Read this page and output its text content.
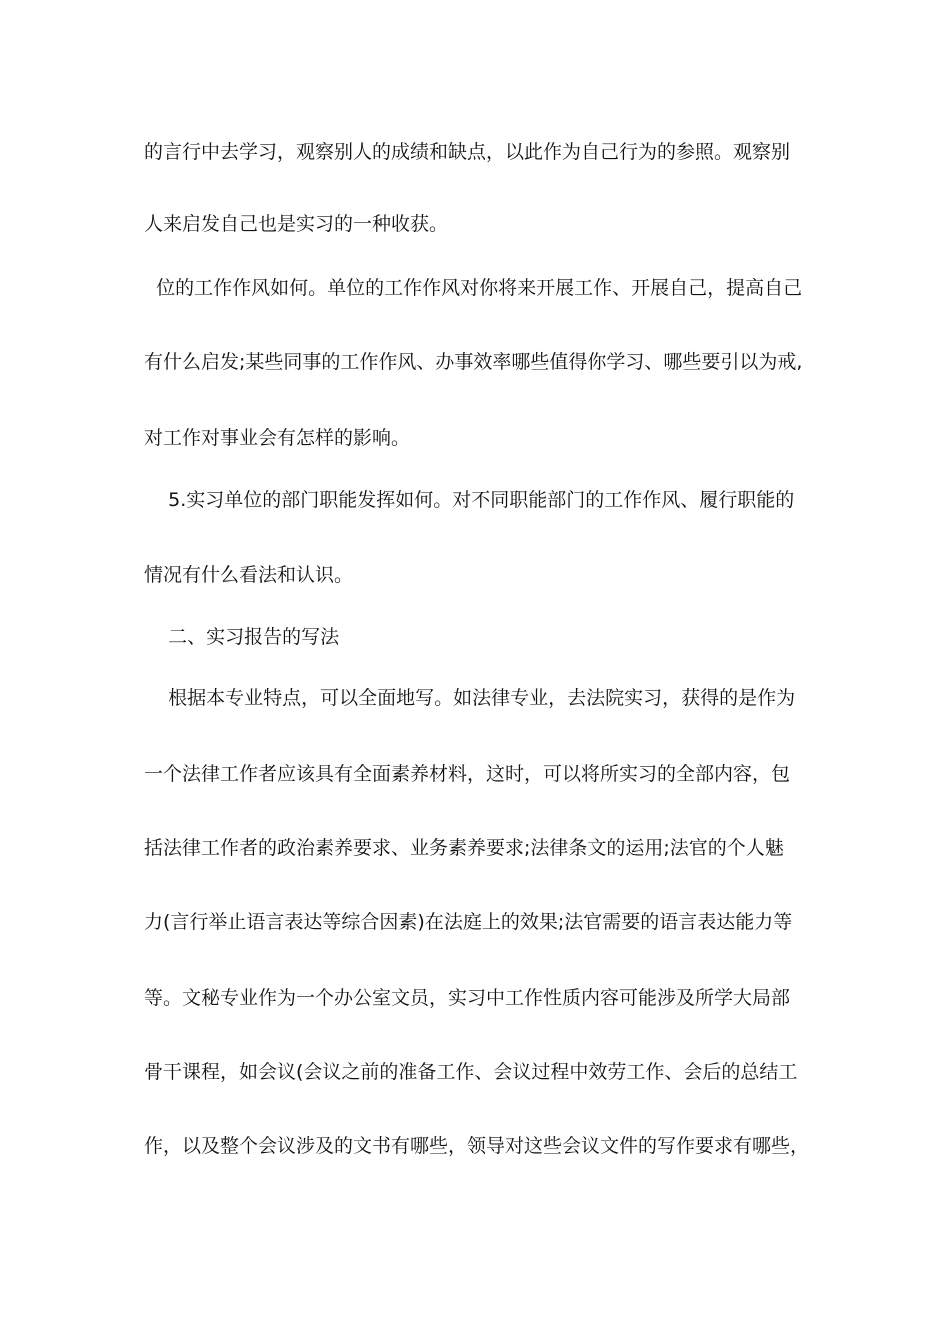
的言行中去学习，观察别人的成绩和缺点，以此作为自己行为的参照。观察别
人来启发自己也是实习的一种收获。
位的工作作风如何。单位的工作作风对你将来开展工作、开展自己，提高自己
有什么启发;某些同事的工作作风、办事效率哪些值得你学习、哪些要引以为戒,
对工作对事业会有怎样的影响。
5.实习单位的部门职能发挥如何。对不同职能部门的工作作风、履行职能的
情况有什么看法和认识。
二、实习报告的写法
根据本专业特点，可以全面地写。如法律专业，去法院实习，获得的是作为
一个法律工作者应该具有全面素养材料，这时，可以将所实习的全部内容，包
括法律工作者的政治素养要求、业务素养要求;法律条文的运用;法官的个人魅
力(言行举止语言表达等综合因素)在法庭上的效果;法官需要的语言表达能力等
等。文秘专业作为一个办公室文员，实习中工作性质内容可能涉及所学大局部
骨干课程，如会议(会议之前的准备工作、会议过程中效劳工作、会后的总结工
作，以及整个会议涉及的文书有哪些，领导对这些会议文件的写作要求有哪些，
